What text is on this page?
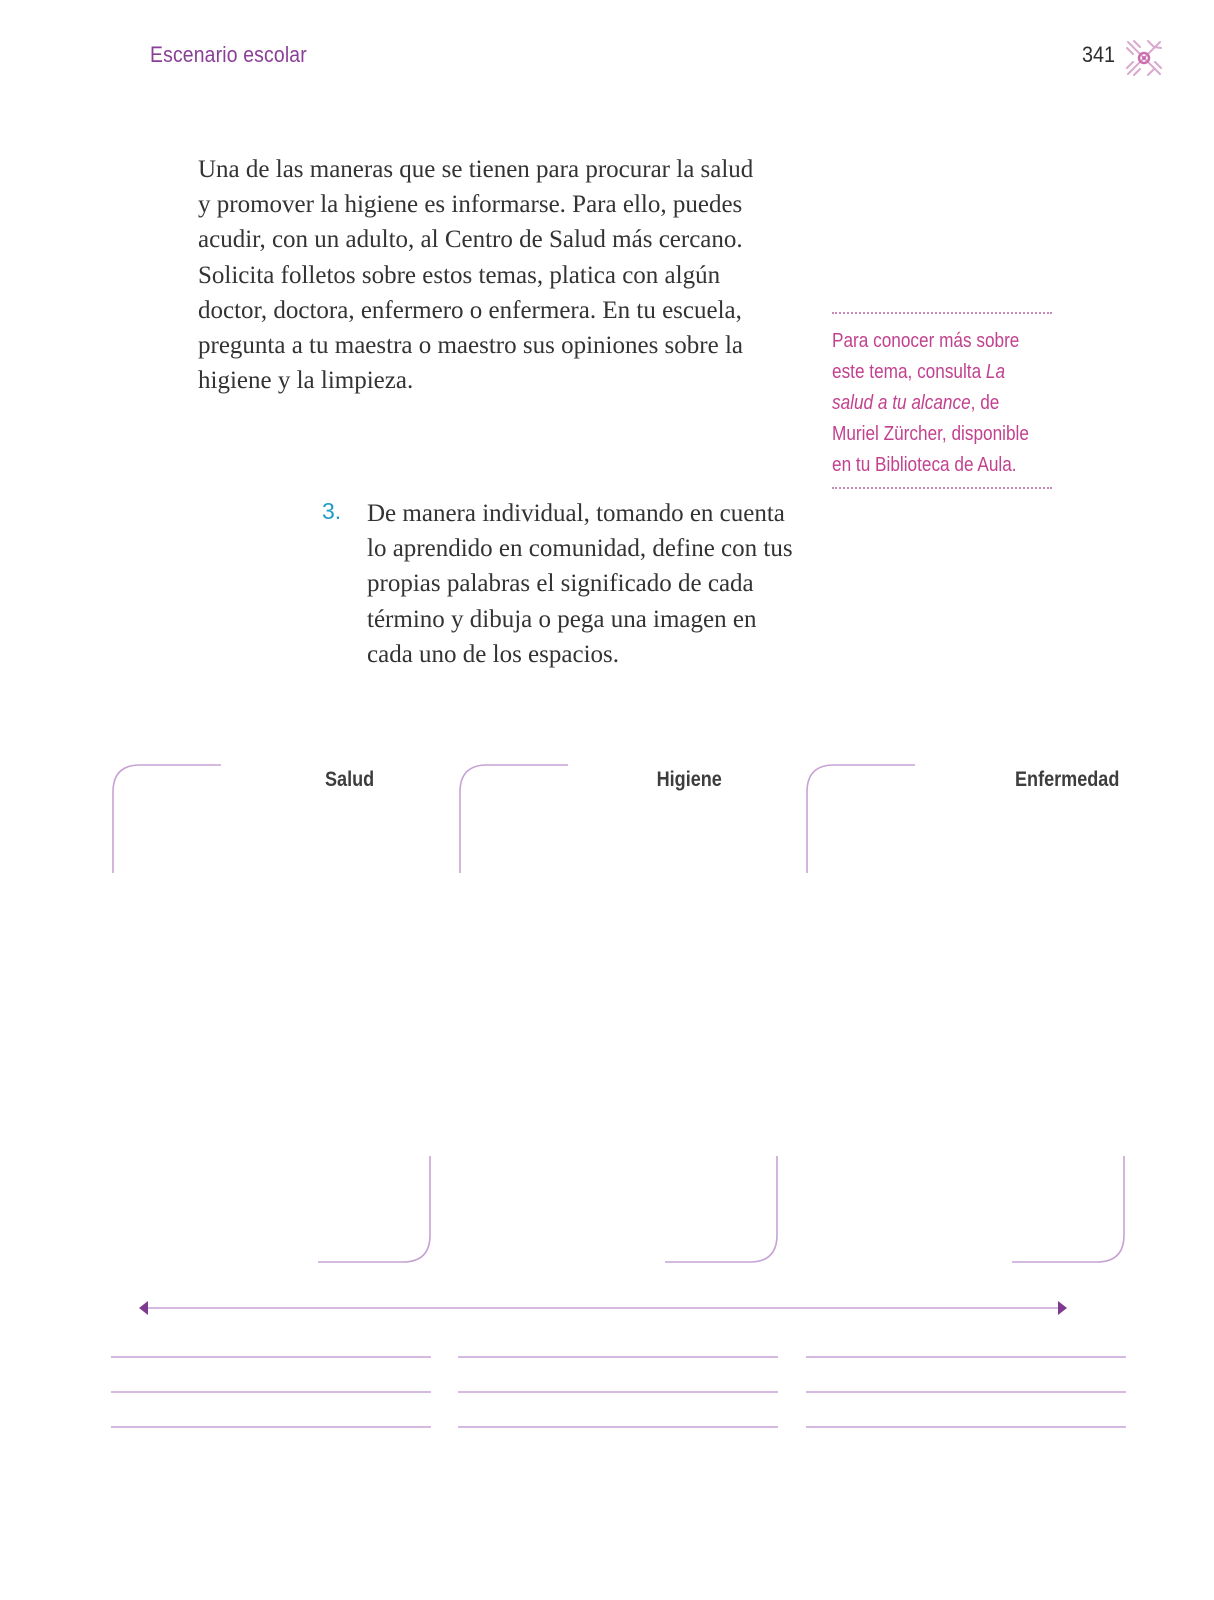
Escenario escolar	341

Una de las maneras que se tienen para procurar la salud y promover la higiene es informarse. Para ello, puedes acudir, con un adulto, al Centro de Salud más cercano. Solicita folletos sobre estos temas, platica con algún doctor, doctora, enfermero o enfermera. En tu escuela, pregunta a tu maestra o maestro sus opiniones sobre la higiene y la limpieza.

Para conocer más sobre este tema, consulta La salud a tu alcance, de Muriel Zürcher, disponible en tu Biblioteca de Aula.

3. De manera individual, tomando en cuenta lo aprendido en comunidad, define con tus propias palabras el significado de cada término y dibuja o pega una imagen en cada uno de los espacios.

Salud	Higiene	Enfermedad
